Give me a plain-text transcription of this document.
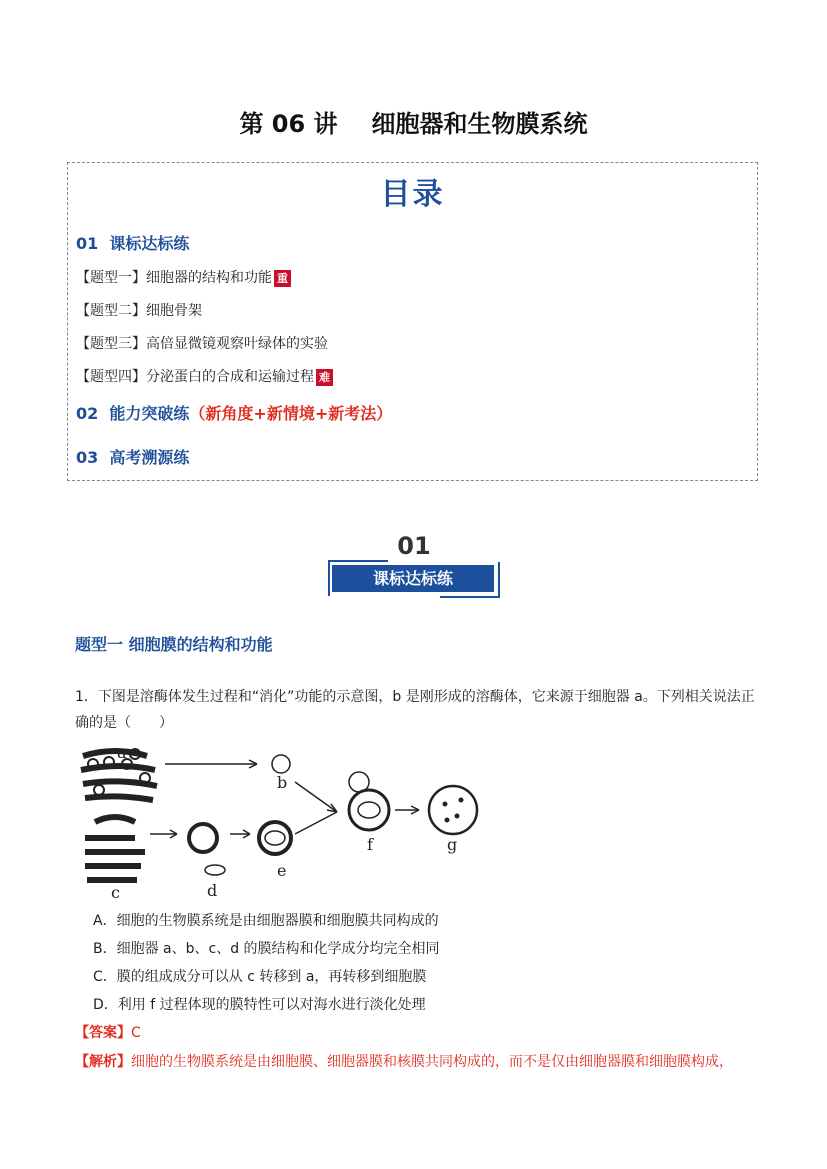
第 06 讲 细胞器和生物膜系统
目录
01 课标达标练
【题型一】细胞器的结构和功能 重
【题型二】细胞骨架
【题型三】高倍显微镜观察叶绿体的实验
【题型四】分泌蛋白的合成和运输过程 难
02 能力突破练（新角度+新情境+新考法）
03 高考溯源练
01
课标达标练
题型一 细胞膜的结构和功能
1．下图是溶酶体发生过程和“消化”功能的示意图，b 是刚形成的溶酶体，它来源于细胞器 a。下列相关说法正确的是（　　）
a
b
c	d
e
f	g
A．细胞的生物膜系统是由细胞器膜和细胞膜共同构成的
B．细胞器 a、b、c、d 的膜结构和化学成分均完全相同
C．膜的组成成分可以从 c 转移到 a，再转移到细胞膜
D．利用 f 过程体现的膜特性可以对海水进行淡化处理
【答案】C
【解析】细胞的生物膜系统是由细胞膜、细胞器膜和核膜共同构成的，而不是仅由细胞器膜和细胞膜构成，
